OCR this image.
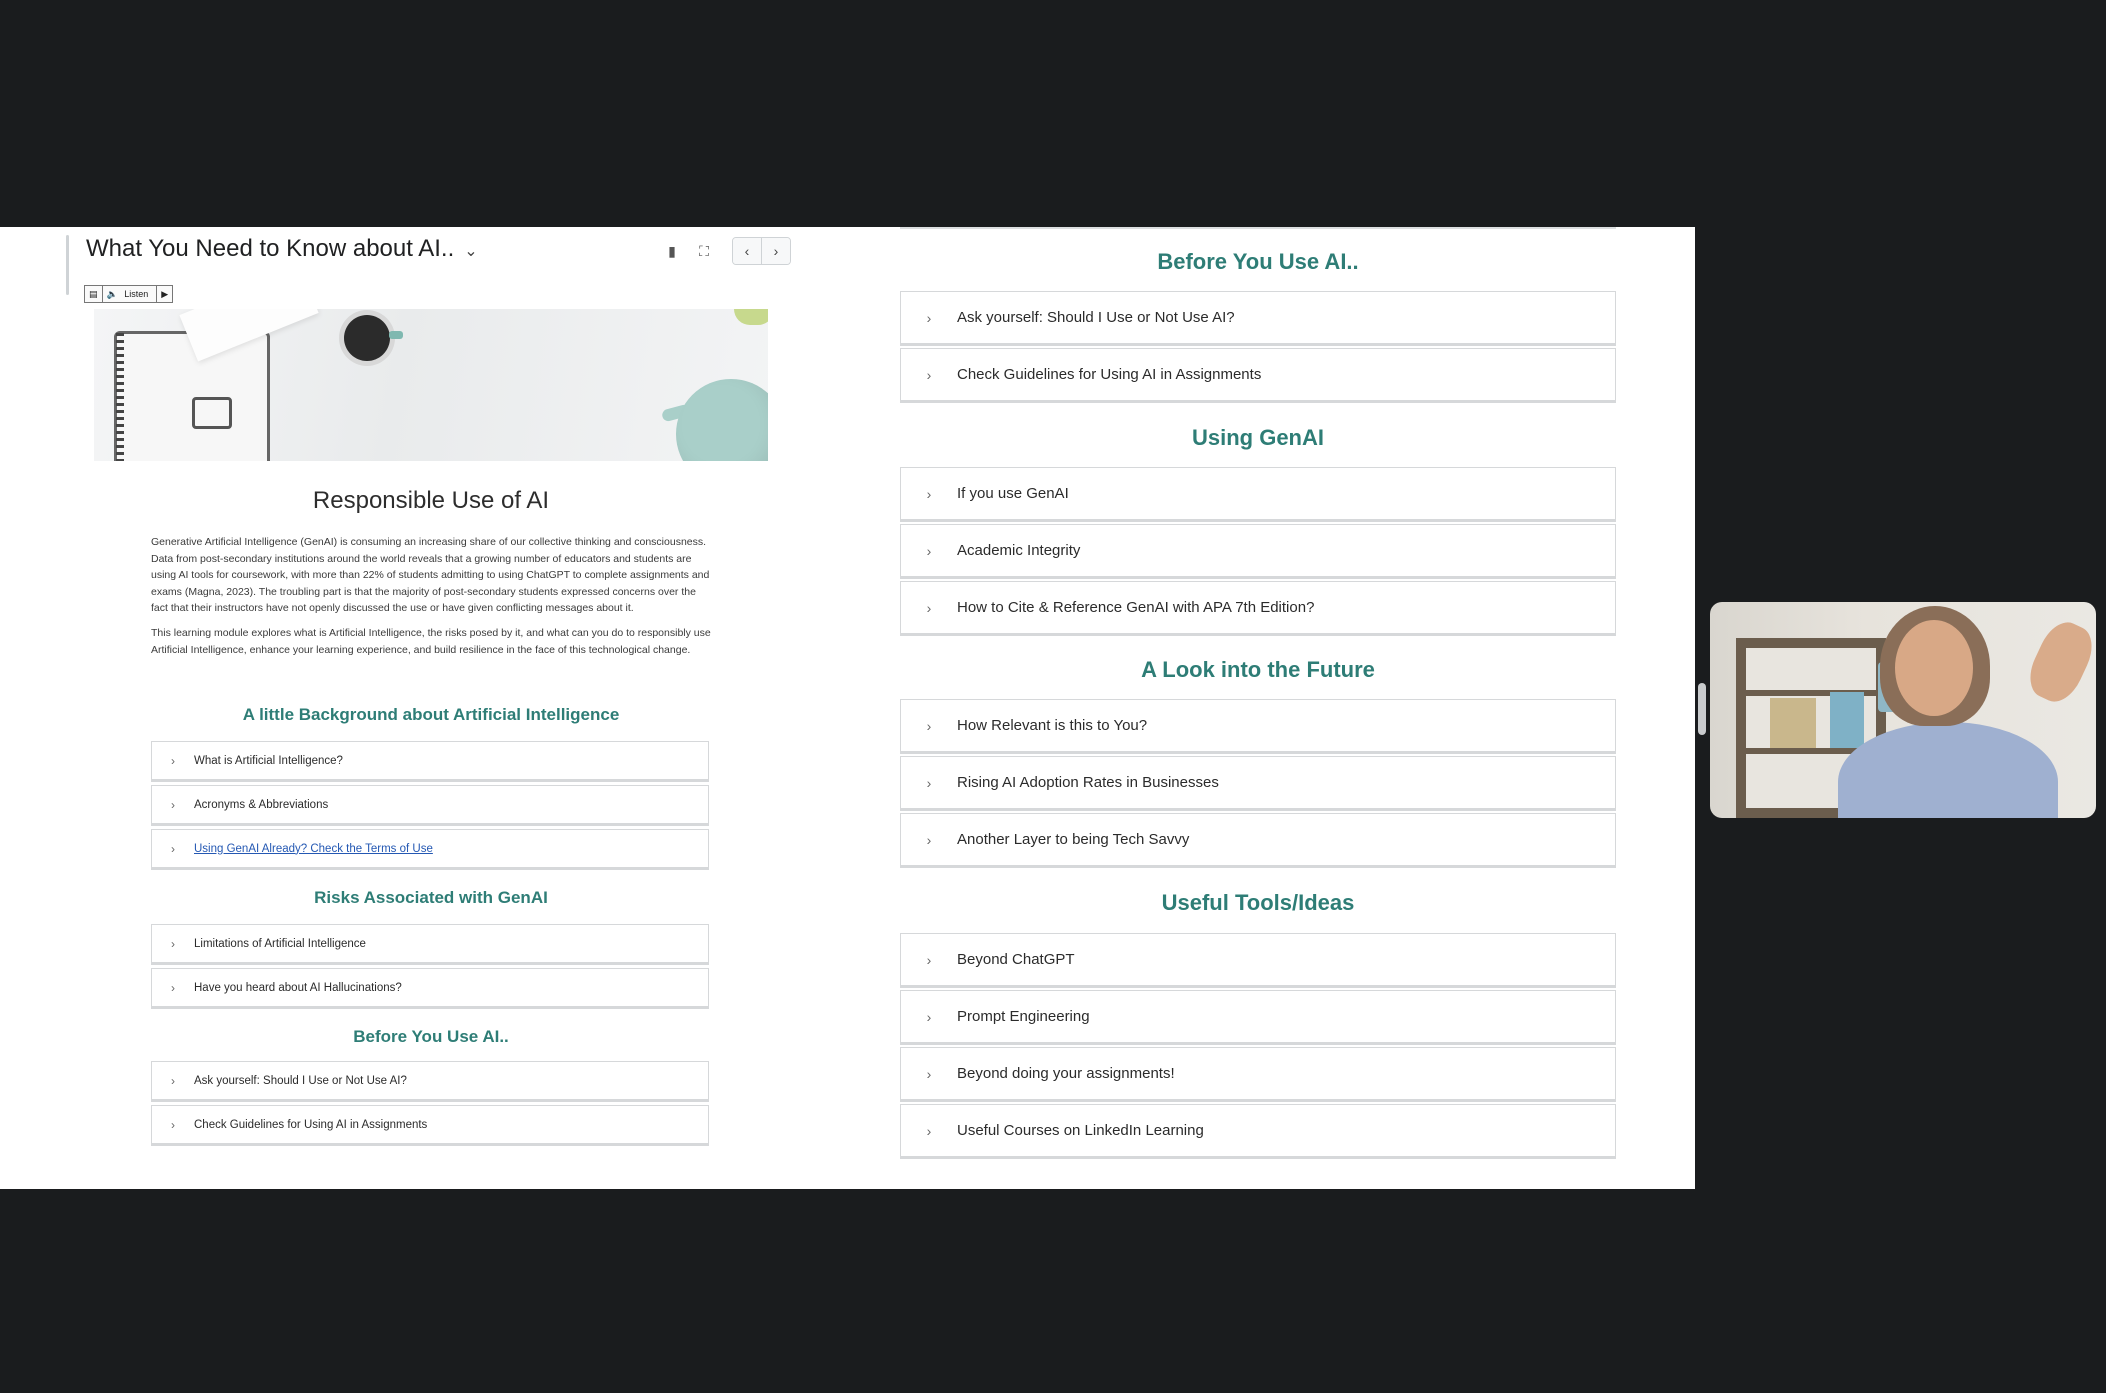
What You Need to Know about AI.. ⌄	▮	⛶	‹ ›
▤	🔈 Listen	▶
Responsible Use of AI

Generative Artificial Intelligence (GenAI) is consuming an increasing share of our collective thinking and consciousness. Data from post-secondary institutions around the world reveals that a growing number of educators and students are using AI tools for coursework, with more than 22% of students admitting to using ChatGPT to complete assignments and exams (Magna, 2023). The troubling part is that the majority of post-secondary students expressed concerns over the fact that their instructors have not openly discussed the use or have given conflicting messages about it.

This learning module explores what is Artificial Intelligence, the risks posed by it, and what can you do to responsibly use Artificial Intelligence, enhance your learning experience, and build resilience in the face of this technological change.

A little Background about Artificial Intelligence
›	What is Artificial Intelligence?
›	Acronyms & Abbreviations
›	Using GenAI Already? Check the Terms of Use
Risks Associated with GenAI
›	Limitations of Artificial Intelligence
›	Have you heard about AI Hallucinations?
Before You Use AI..
›	Ask yourself: Should I Use or Not Use AI?
›	Check Guidelines for Using AI in Assignments
Before You Use AI..
›	Ask yourself: Should I Use or Not Use AI?
›	Check Guidelines for Using AI in Assignments
Using GenAI
›	If you use GenAI
›	Academic Integrity
›	How to Cite & Reference GenAI with APA 7th Edition?
A Look into the Future
›	How Relevant is this to You?
›	Rising AI Adoption Rates in Businesses
›	Another Layer to being Tech Savvy
Useful Tools/Ideas
›	Beyond ChatGPT
›	Prompt Engineering
›	Beyond doing your assignments!
›	Useful Courses on LinkedIn Learning
